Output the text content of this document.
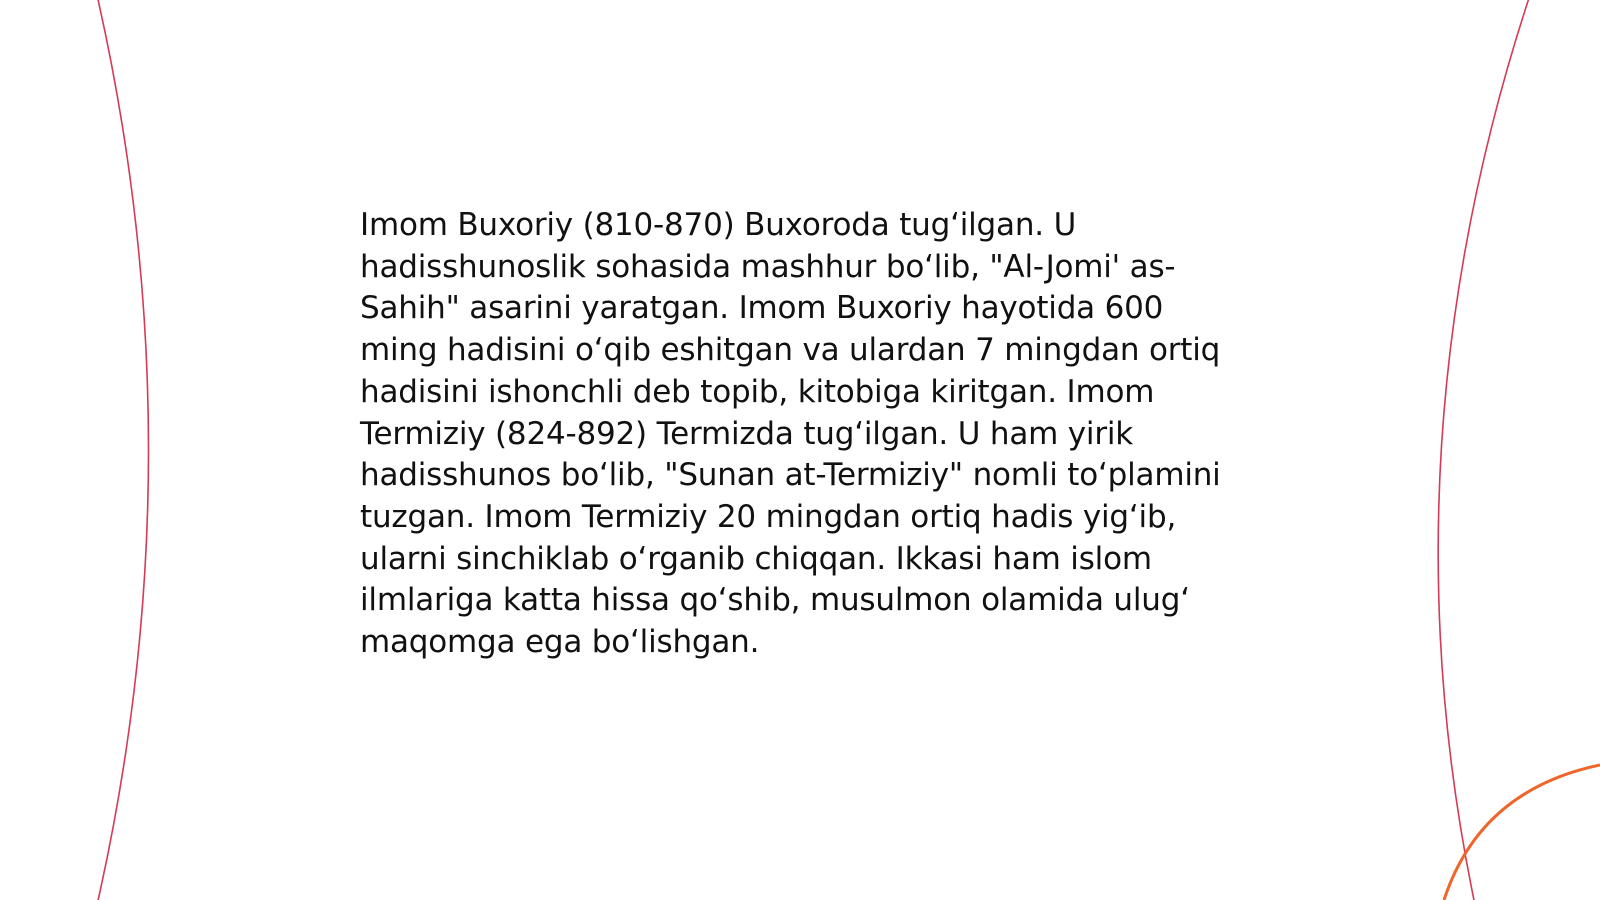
Imom Buxoriy (810-870) Buxoroda tug‘ilgan. U hadisshunoslik sohasida mashhur bo‘lib, "Al-Jomi' as-Sahih" asarini yaratgan. Imom Buxoriy hayotida 600 ming hadisini o‘qib eshitgan va ulardan 7 mingdan ortiq hadisini ishonchli deb topib, kitobiga kiritgan. Imom Termiziy (824-892) Termizda tug‘ilgan. U ham yirik hadisshunos bo‘lib, "Sunan at-Termiziy" nomli to‘plamini tuzgan. Imom Termiziy 20 mingdan ortiq hadis yig‘ib, ularni sinchiklab o‘rganib chiqqan. Ikkasi ham islom ilmlariga katta hissa qo‘shib, musulmon olamida ulug‘ maqomga ega bo‘lishgan.
